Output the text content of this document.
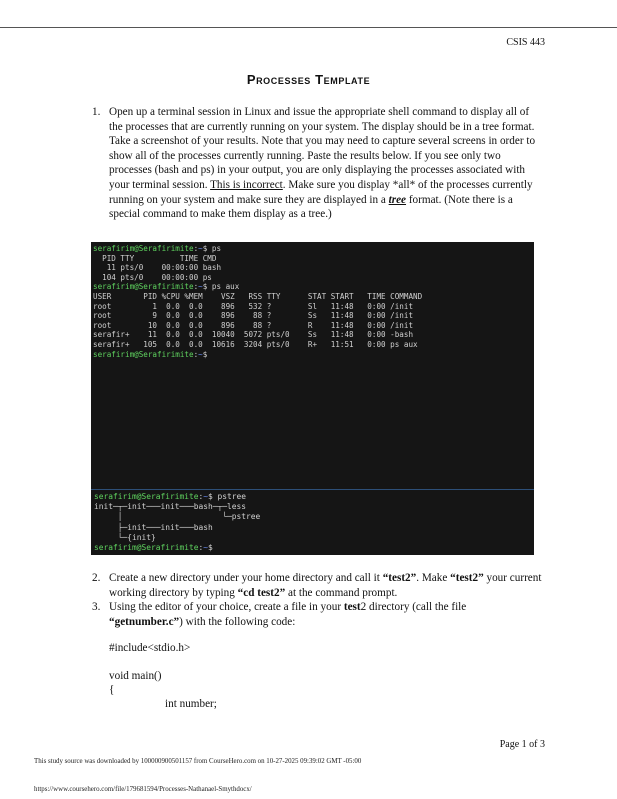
CSIS 443
Processes Template
1. Open up a terminal session in Linux and issue the appropriate shell command to display all of the processes that are currently running on your system. The display should be in a tree format. Take a screenshot of your results. Note that you may need to capture several screens in order to show all of the processes currently running. Paste the results below. If you see only two processes (bash and ps) in your output, you are only displaying the processes associated with your terminal session. This is incorrect. Make sure you display *all* of the processes currently running on your system and make sure they are displayed in a tree format. (Note there is a special command to make them display as a tree.)
serafirim@Serafirimite:~$ ps
PID TTY          TIME CMD
11 pts/0    00:00:00 bash
104 pts/0    00:00:00 ps
serafirim@Serafirimite:~$ ps aux
USER       PID %CPU %MEM    VSZ   RSS TTY      STAT START   TIME COMMAND
root         1  0.0  0.0    896   532 ?        Sl   11:48   0:00 /init
root         9  0.0  0.0    896    88 ?        Ss   11:48   0:00 /init
root        10  0.0  0.0    896    88 ?        R    11:48   0:00 /init
serafir+    11  0.0  0.0  10040  5072 pts/0    Ss   11:48   0:00 -bash
serafir+   105  0.0  0.0  10616  3204 pts/0    R+   11:51   0:00 ps aux
serafirim@Serafirimite:~$
serafirim@Serafirimite:~$ pstree
init─┬─init───init───bash─┬─less
│                     └─pstree
├─init───init───bash
└─{init}
serafirim@Serafirimite:~$
2. Create a new directory under your home directory and call it “test2”. Make “test2” your current working directory by typing “cd test2” at the command prompt.
3. Using the editor of your choice, create a file in your test2 directory (call the file “getnumber.c”) with the following code:
#include<stdio.h>
void main()
{
int number;
Page 1 of 3
This study source was downloaded by 100000900501157 from CourseHero.com on 10-27-2025 09:39:02 GMT -05:00
https://www.coursehero.com/file/179681594/Processes-Nathanael-Smythdocx/
